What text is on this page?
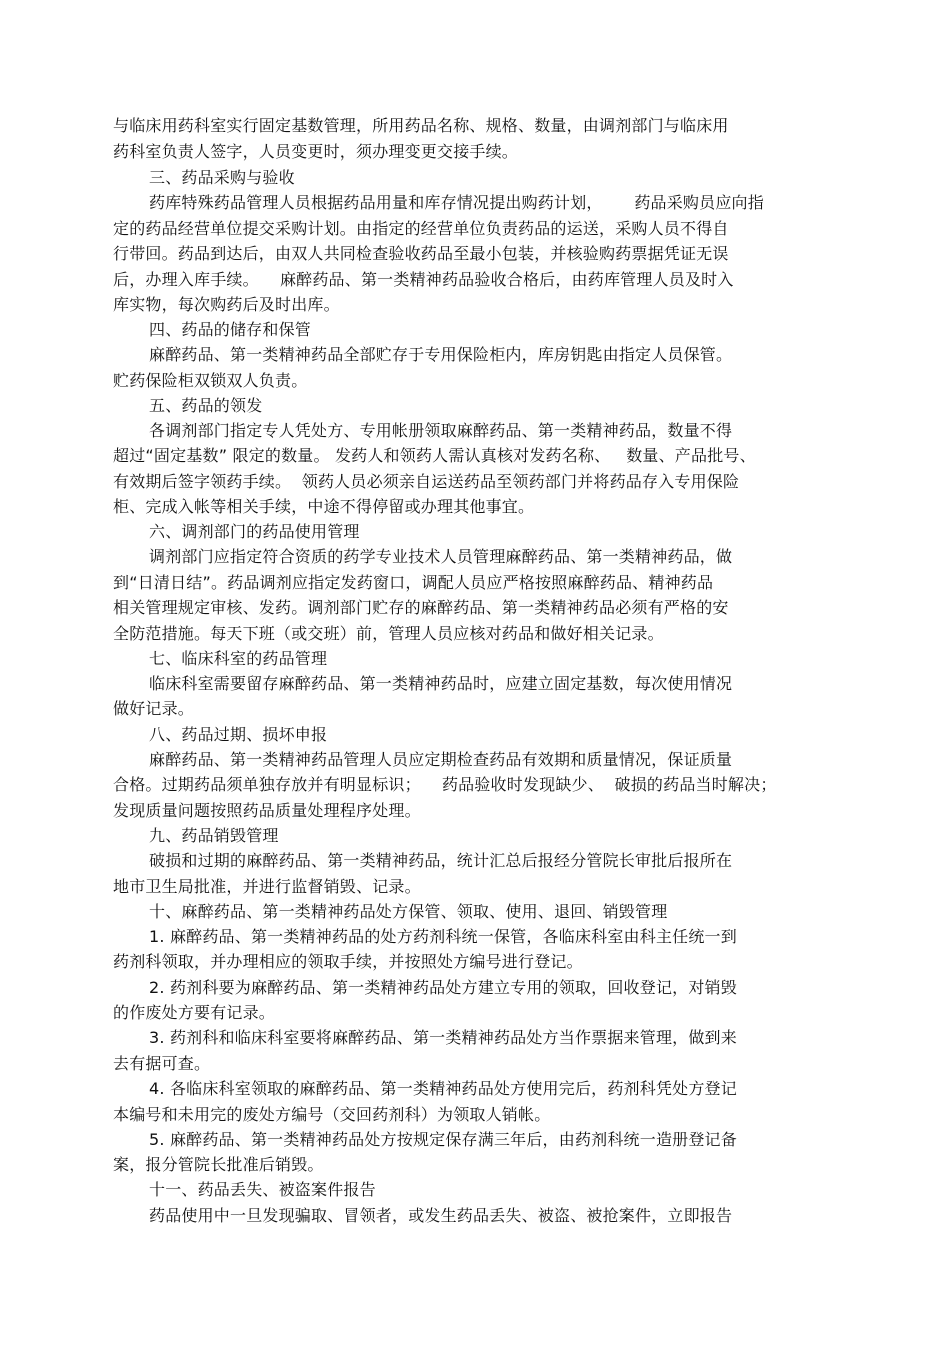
与临床用药科室实行固定基数管理，所用药品名称、规格、数量，由调剂部门与临床用
药科室负责人签字，人员变更时，须办理变更交接手续。
三、药品采购与验收
药库特殊药品管理人员根据药品用量和库存情况提出购药计划，      药品采购员应向指
定的药品经营单位提交采购计划。由指定的经营单位负责药品的运送，采购人员不得自
行带回。药品到达后，由双人共同检查验收药品至最小包装，并核验购药票据凭证无误
后，办理入库手续。    麻醉药品、第一类精神药品验收合格后，由药库管理人员及时入
库实物，每次购药后及时出库。
四、药品的储存和保管
麻醉药品、第一类精神药品全部贮存于专用保险柜内，库房钥匙由指定人员保管。
贮药保险柜双锁双人负责。
五、药品的领发
各调剂部门指定专人凭处方、专用帐册领取麻醉药品、第一类精神药品，数量不得
超过“固定基数” 限定的数量。 发药人和领药人需认真核对发药名称、   数量、产品批号、
有效期后签字领药手续。  领药人员必须亲自运送药品至领药部门并将药品存入专用保险
柜、完成入帐等相关手续，中途不得停留或办理其他事宜。
六、调剂部门的药品使用管理
调剂部门应指定符合资质的药学专业技术人员管理麻醉药品、第一类精神药品，做
到“日清日结”。药品调剂应指定发药窗口，调配人员应严格按照麻醉药品、精神药品
相关管理规定审核、发药。调剂部门贮存的麻醉药品、第一类精神药品必须有严格的安
全防范措施。每天下班（或交班）前，管理人员应核对药品和做好相关记录。
七、临床科室的药品管理
临床科室需要留存麻醉药品、第一类精神药品时，应建立固定基数，每次使用情况
做好记录。
八、药品过期、损坏申报
麻醉药品、第一类精神药品管理人员应定期检查药品有效期和质量情况，保证质量
合格。过期药品须单独存放并有明显标识；    药品验收时发现缺少、  破损的药品当时解决；
发现质量问题按照药品质量处理程序处理。
九、药品销毁管理
破损和过期的麻醉药品、第一类精神药品，统计汇总后报经分管院长审批后报所在
地市卫生局批准，并进行监督销毁、记录。
十、麻醉药品、第一类精神药品处方保管、领取、使用、退回、销毁管理
1. 麻醉药品、第一类精神药品的处方药剂科统一保管，各临床科室由科主任统一到
药剂科领取，并办理相应的领取手续，并按照处方编号进行登记。
2. 药剂科要为麻醉药品、第一类精神药品处方建立专用的领取，回收登记，对销毁
的作废处方要有记录。
3. 药剂科和临床科室要将麻醉药品、第一类精神药品处方当作票据来管理，做到来
去有据可查。
4. 各临床科室领取的麻醉药品、第一类精神药品处方使用完后，药剂科凭处方登记
本编号和未用完的废处方编号（交回药剂科）为领取人销帐。
5. 麻醉药品、第一类精神药品处方按规定保存满三年后，由药剂科统一造册登记备
案，报分管院长批准后销毁。
十一、药品丢失、被盗案件报告
药品使用中一旦发现骗取、冒领者，或发生药品丢失、被盗、被抢案件，立即报告
